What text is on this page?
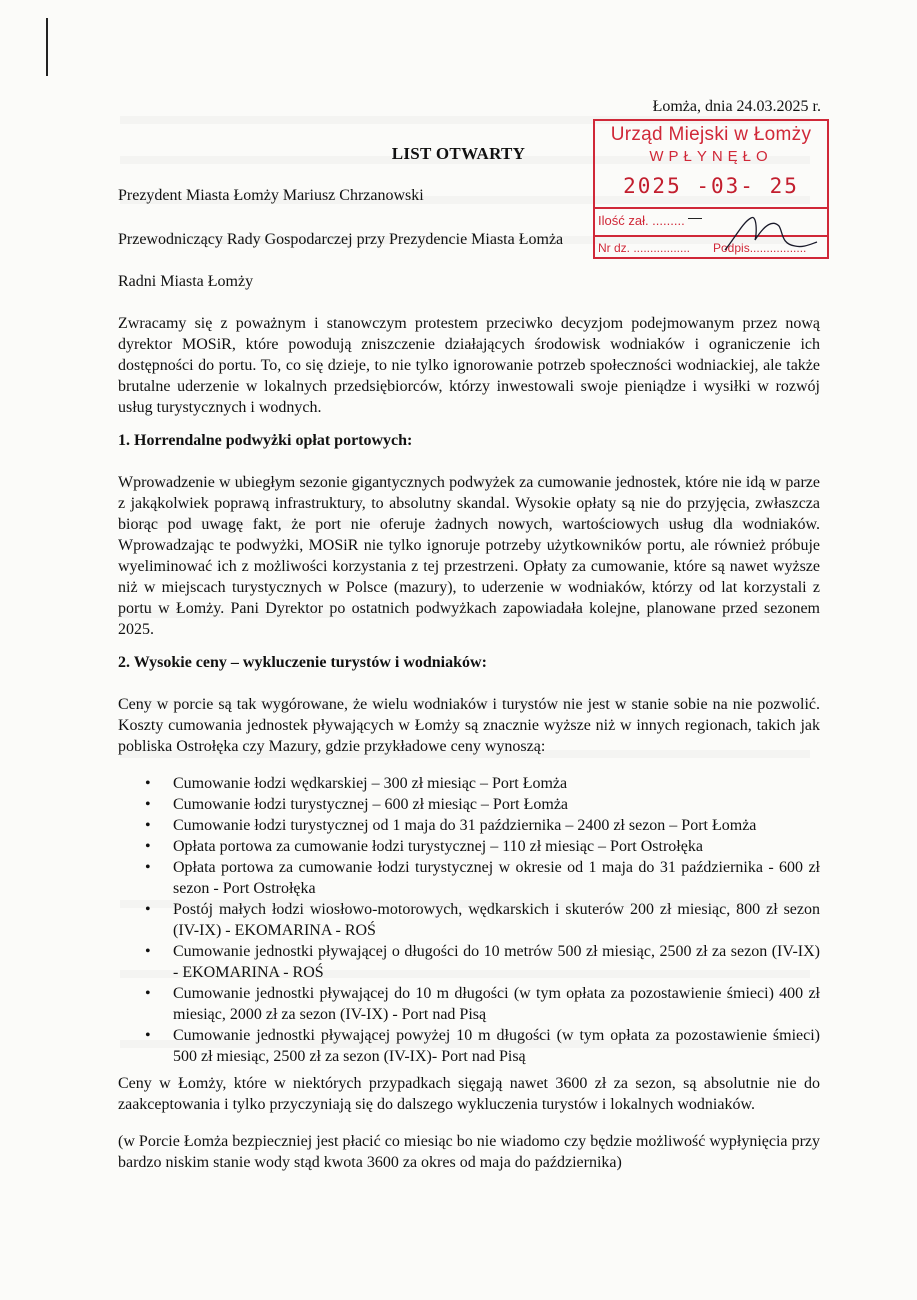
Łomża, dnia 24.03.2025 r.
LIST OTWARTY
Prezydent Miasta Łomży Mariusz Chrzanowski
Przewodniczący Rady Gospodarczej przy Prezydencie Miasta Łomża
Radni Miasta Łomży
Urząd Miejski w Łomży
WPŁYNĘŁO
2025 -03- 25
Ilość zał. ......... —
Nr dz. ................. Podpis.................
Zwracamy się z poważnym i stanowczym protestem przeciwko decyzjom podejmowanym przez nową dyrektor MOSiR, które powodują zniszczenie działających środowisk wodniaków i ograniczenie ich dostępności do portu. To, co się dzieje, to nie tylko ignorowanie potrzeb społeczności wodniackiej, ale także brutalne uderzenie w lokalnych przedsiębiorców, którzy inwestowali swoje pieniądze i wysiłki w rozwój usług turystycznych i wodnych.
1. Horrendalne podwyżki opłat portowych:
Wprowadzenie w ubiegłym sezonie gigantycznych podwyżek za cumowanie jednostek, które nie idą w parze z jakąkolwiek poprawą infrastruktury, to absolutny skandal. Wysokie opłaty są nie do przyjęcia, zwłaszcza biorąc pod uwagę fakt, że port nie oferuje żadnych nowych, wartościowych usług dla wodniaków. Wprowadzając te podwyżki, MOSiR nie tylko ignoruje potrzeby użytkowników portu, ale również próbuje wyeliminować ich z możliwości korzystania z tej przestrzeni. Opłaty za cumowanie, które są nawet wyższe niż w miejscach turystycznych w Polsce (mazury), to uderzenie w wodniaków, którzy od lat korzystali z portu w Łomży. Pani Dyrektor po ostatnich podwyżkach zapowiadała kolejne, planowane przed sezonem 2025.
2. Wysokie ceny – wykluczenie turystów i wodniaków:
Ceny w porcie są tak wygórowane, że wielu wodniaków i turystów nie jest w stanie sobie na nie pozwolić. Koszty cumowania jednostek pływających w Łomży są znacznie wyższe niż w innych regionach, takich jak pobliska Ostrołęka czy Mazury, gdzie przykładowe ceny wynoszą:
• Cumowanie łodzi wędkarskiej – 300 zł miesiąc – Port Łomża
• Cumowanie łodzi turystycznej – 600 zł miesiąc – Port Łomża
• Cumowanie łodzi turystycznej od 1 maja do 31 października – 2400 zł sezon – Port Łomża
• Opłata portowa za cumowanie łodzi turystycznej – 110 zł miesiąc – Port Ostrołęka
• Opłata portowa za cumowanie łodzi turystycznej w okresie od 1 maja do 31 października - 600 zł sezon - Port Ostrołęka
• Postój małych łodzi wiosłowo-motorowych, wędkarskich i skuterów 200 zł miesiąc, 800 zł sezon (IV-IX) - EKOMARINA - ROŚ
• Cumowanie jednostki pływającej o długości do 10 metrów 500 zł miesiąc, 2500 zł za sezon (IV-IX) - EKOMARINA - ROŚ
• Cumowanie jednostki pływającej do 10 m długości (w tym opłata za pozostawienie śmieci) 400 zł miesiąc, 2000 zł za sezon (IV-IX) - Port nad Pisą
• Cumowanie jednostki pływającej powyżej 10 m długości (w tym opłata za pozostawienie śmieci) 500 zł miesiąc, 2500 zł za sezon (IV-IX)- Port nad Pisą
Ceny w Łomży, które w niektórych przypadkach sięgają nawet 3600 zł za sezon, są absolutnie nie do zaakceptowania i tylko przyczyniają się do dalszego wykluczenia turystów i lokalnych wodniaków.
(w Porcie Łomża bezpieczniej jest płacić co miesiąc bo nie wiadomo czy będzie możliwość wypłynięcia przy bardzo niskim stanie wody stąd kwota 3600 za okres od maja do października)
